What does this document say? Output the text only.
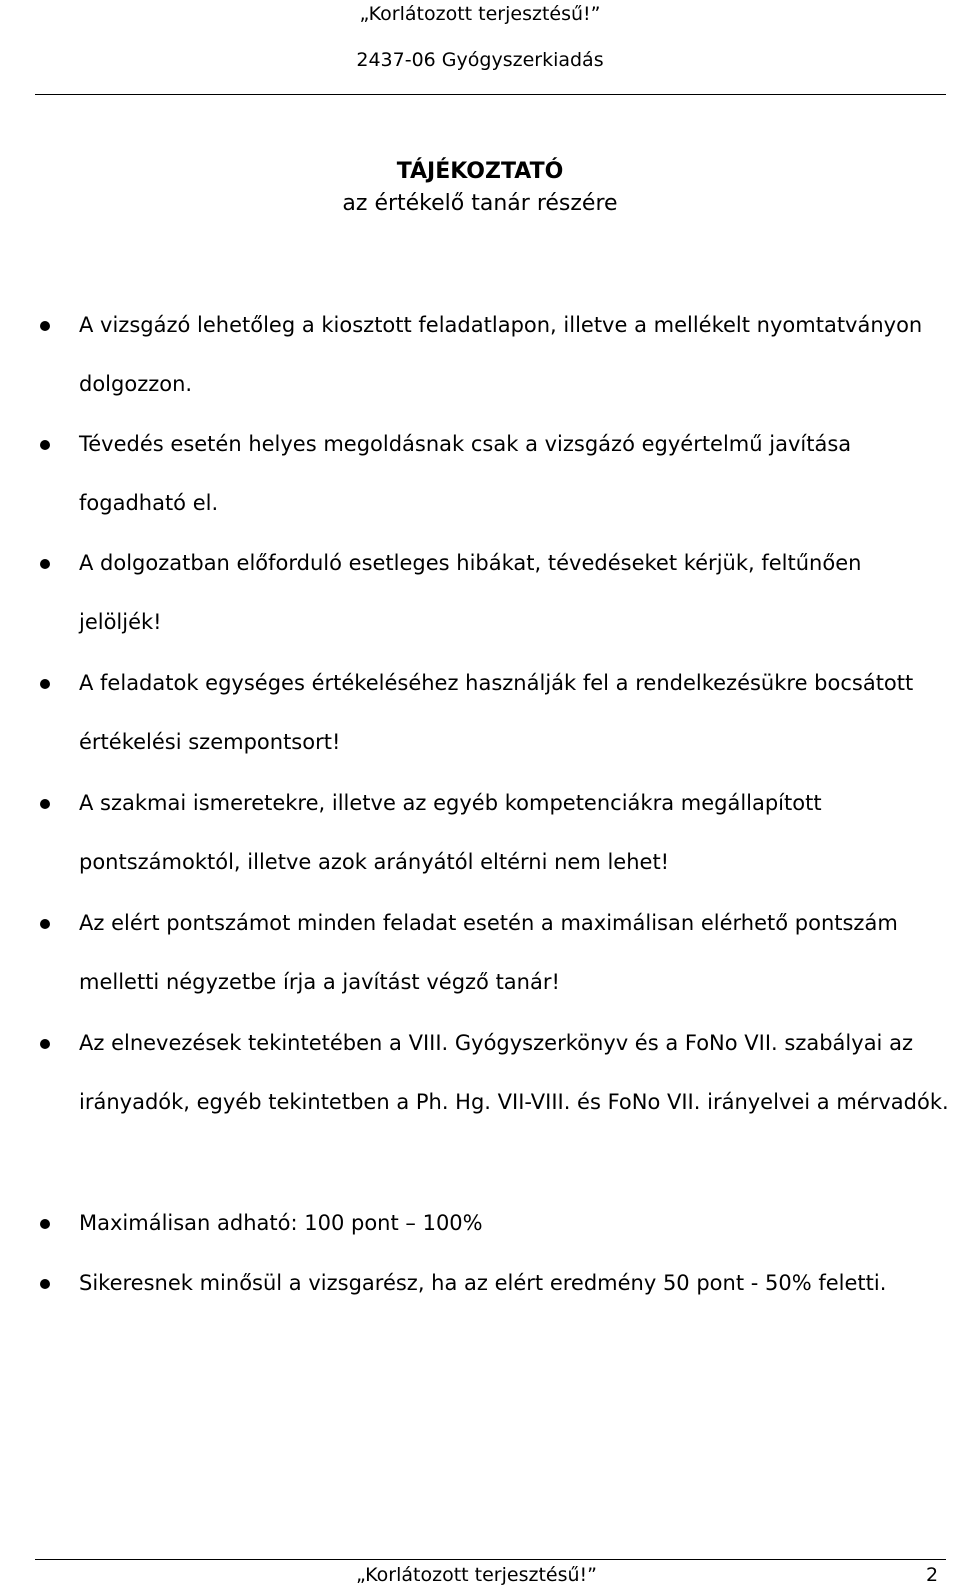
„Korlátozott terjesztésű!”
2437-06 Gyógyszerkiadás
TÁJÉKOZTATÓ
az értékelő tanár részére
A vizsgázó lehetőleg a kiosztott feladatlapon, illetve a mellékelt nyomtatványon dolgozzon.
Tévedés esetén helyes megoldásnak csak a vizsgázó egyértelmű javítása fogadható el.
A dolgozatban előforduló esetleges hibákat, tévedéseket kérjük, feltűnően jelöljék!
A feladatok egységes értékeléséhez használják fel a rendelkezésükre bocsátott értékelési szempontsort!
A szakmai ismeretekre, illetve az egyéb kompetenciákra megállapított pontszámoktól, illetve azok arányától eltérni nem lehet!
Az elért pontszámot minden feladat esetén a maximálisan elérhető pontszám melletti négyzetbe írja a javítást végző tanár!
Az elnevezések tekintetében a VIII. Gyógyszerkönyv és a FoNo VII. szabályai az irányadók, egyéb tekintetben a Ph. Hg. VII-VIII. és FoNo VII. irányelvei a mérvadók.
Maximálisan adható: 100 pont – 100%
Sikeresnek minősül a vizsgarész, ha az elért eredmény 50 pont - 50% feletti.
„Korlátozott terjesztésű!”	2
